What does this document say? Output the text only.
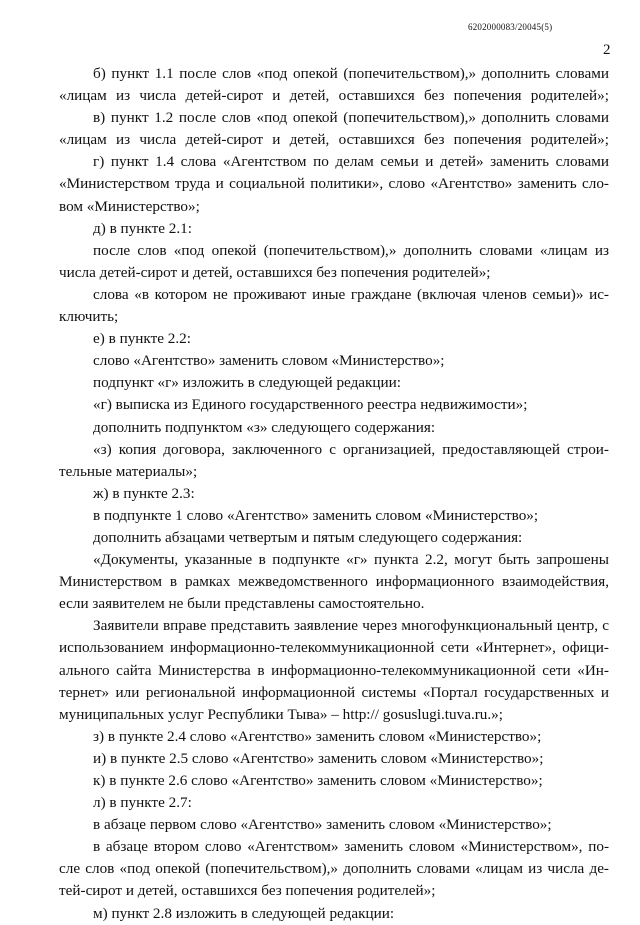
6202000083/20045(5)
2
б) пункт 1.1 после слов «под опекой (попечительством),» дополнить словами
«лицам из числа детей-сирот и детей, оставшихся без попечения родителей»;
в) пункт 1.2 после слов «под опекой (попечительством),» дополнить словами
«лицам из числа детей-сирот и детей, оставшихся без попечения родителей»;
г) пункт 1.4 слова «Агентством по делам семьи и детей» заменить словами
«Министерством труда и социальной политики», слово «Агентство» заменить сло-
вом «Министерство»;
д) в пункте 2.1:
после слов «под опекой (попечительством),» дополнить словами «лицам из
числа детей-сирот и детей, оставшихся без попечения родителей»;
слова «в котором не проживают иные граждане (включая членов семьи)» ис-
ключить;
е) в пункте 2.2:
слово «Агентство» заменить словом «Министерство»;
подпункт «г» изложить в следующей редакции:
«г) выписка из Единого государственного реестра недвижимости»;
дополнить подпунктом «з» следующего содержания:
«з) копия договора, заключенного с организацией, предоставляющей строи-
тельные материалы»;
ж) в пункте 2.3:
в подпункте 1 слово «Агентство» заменить словом «Министерство»;
дополнить абзацами четвертым и пятым следующего содержания:
«Документы, указанные в подпункте «г» пункта 2.2, могут быть запрошены
Министерством в рамках межведомственного информационного взаимодействия,
если заявителем не были представлены самостоятельно.
Заявители вправе представить заявление через многофункциональный центр, с
использованием информационно-телекоммуникационной сети «Интернет», офици-
ального сайта Министерства в информационно-телекоммуникационной сети «Ин-
тернет» или региональной информационной системы «Портал государственных и
муниципальных услуг Республики Тыва» – http:// gosuslugi.tuva.ru.»;
з) в пункте 2.4 слово «Агентство» заменить словом «Министерство»;
и) в пункте 2.5 слово «Агентство» заменить словом «Министерство»;
к) в пункте 2.6 слово «Агентство» заменить словом «Министерство»;
л) в пункте 2.7:
в абзаце первом слово «Агентство» заменить словом «Министерство»;
в абзаце втором слово «Агентством» заменить словом «Министерством», по-
сле слов «под опекой (попечительством),» дополнить словами «лицам из числа де-
тей-сирот и детей, оставшихся без попечения родителей»;
м) пункт 2.8 изложить в следующей редакции:
